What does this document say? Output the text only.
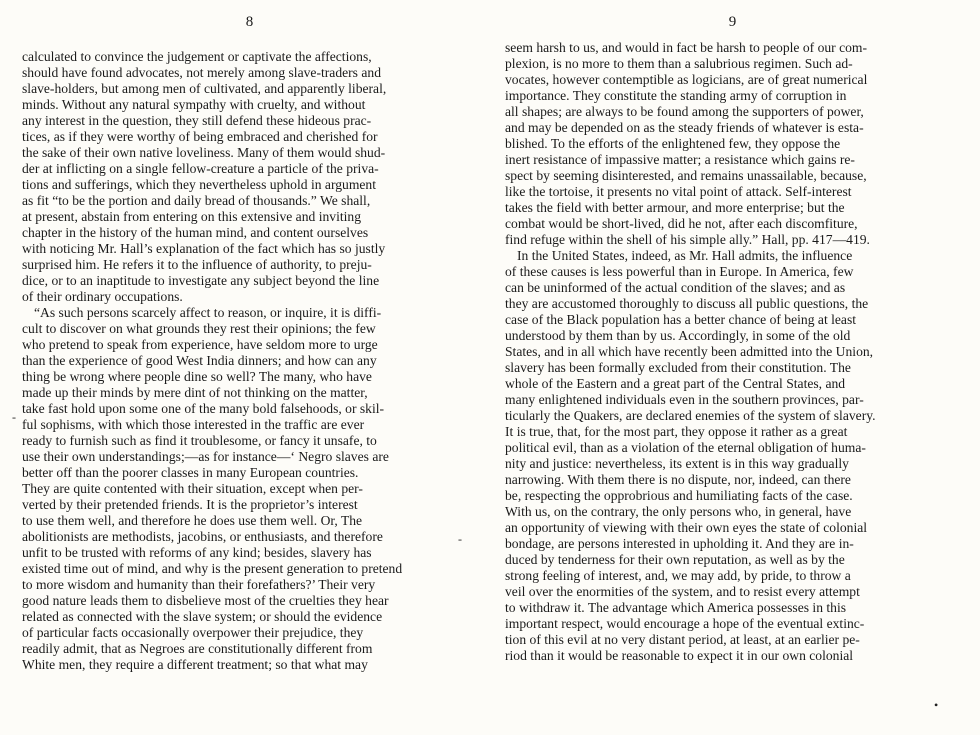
8
calculated to convince the judgement or captivate the affections,
should have found advocates, not merely among slave-traders and
slave-holders, but among men of cultivated, and apparently liberal,
minds. Without any natural sympathy with cruelty, and without
any interest in the question, they still defend these hideous prac-
tices, as if they were worthy of being embraced and cherished for
the sake of their own native loveliness. Many of them would shud-
der at inflicting on a single fellow-creature a particle of the priva-
tions and sufferings, which they nevertheless uphold in argument
as fit “to be the portion and daily bread of thousands.” We shall,
at present, abstain from entering on this extensive and inviting
chapter in the history of the human mind, and content ourselves
with noticing Mr. Hall’s explanation of the fact which has so justly
surprised him. He refers it to the influence of authority, to preju-
dice, or to an inaptitude to investigate any subject beyond the line
of their ordinary occupations.
“As such persons scarcely affect to reason, or inquire, it is diffi-
cult to discover on what grounds they rest their opinions; the few
who pretend to speak from experience, have seldom more to urge
than the experience of good West India dinners; and how can any
thing be wrong where people dine so well? The many, who have
made up their minds by mere dint of not thinking on the matter,
take fast hold upon some one of the many bold falsehoods, or skil-
ful sophisms, with which those interested in the traffic are ever
ready to furnish such as find it troublesome, or fancy it unsafe, to
use their own understandings;—as for instance—‘ Negro slaves are
better off than the poorer classes in many European countries.
They are quite contented with their situation, except when per-
verted by their pretended friends. It is the proprietor’s interest
to use them well, and therefore he does use them well. Or, The
abolitionists are methodists, jacobins, or enthusiasts, and therefore
unfit to be trusted with reforms of any kind; besides, slavery has
existed time out of mind, and why is the present generation to pretend
to more wisdom and humanity than their forefathers?’ Their very
good nature leads them to disbelieve most of the cruelties they hear
related as connected with the slave system; or should the evidence
of particular facts occasionally overpower their prejudice, they
readily admit, that as Negroes are constitutionally different from
White men, they require a different treatment; so that what may
9
seem harsh to us, and would in fact be harsh to people of our com-
plexion, is no more to them than a salubrious regimen. Such ad-
vocates, however contemptible as logicians, are of great numerical
importance. They constitute the standing army of corruption in
all shapes; are always to be found among the supporters of power,
and may be depended on as the steady friends of whatever is esta-
blished. To the efforts of the enlightened few, they oppose the
inert resistance of impassive matter; a resistance which gains re-
spect by seeming disinterested, and remains unassailable, because,
like the tortoise, it presents no vital point of attack. Self-interest
takes the field with better armour, and more enterprise; but the
combat would be short-lived, did he not, after each discomfiture,
find refuge within the shell of his simple ally.” Hall, pp. 417—419.
In the United States, indeed, as Mr. Hall admits, the influence
of these causes is less powerful than in Europe. In America, few
can be uninformed of the actual condition of the slaves; and as
they are accustomed thoroughly to discuss all public questions, the
case of the Black population has a better chance of being at least
understood by them than by us. Accordingly, in some of the old
States, and in all which have recently been admitted into the Union,
slavery has been formally excluded from their constitution. The
whole of the Eastern and a great part of the Central States, and
many enlightened individuals even in the southern provinces, par-
ticularly the Quakers, are declared enemies of the system of slavery.
It is true, that, for the most part, they oppose it rather as a great
political evil, than as a violation of the eternal obligation of huma-
nity and justice: nevertheless, its extent is in this way gradually
narrowing. With them there is no dispute, nor, indeed, can there
be, respecting the opprobrious and humiliating facts of the case.
With us, on the contrary, the only persons who, in general, have
an opportunity of viewing with their own eyes the state of colonial
bondage, are persons interested in upholding it. And they are in-
duced by tenderness for their own reputation, as well as by the
strong feeling of interest, and, we may add, by pride, to throw a
veil over the enormities of the system, and to resist every attempt
to withdraw it. The advantage which America possesses in this
important respect, would encourage a hope of the eventual extinc-
tion of this evil at no very distant period, at least, at an earlier pe-
riod than it would be reasonable to expect it in our own colonial
-
-
•
